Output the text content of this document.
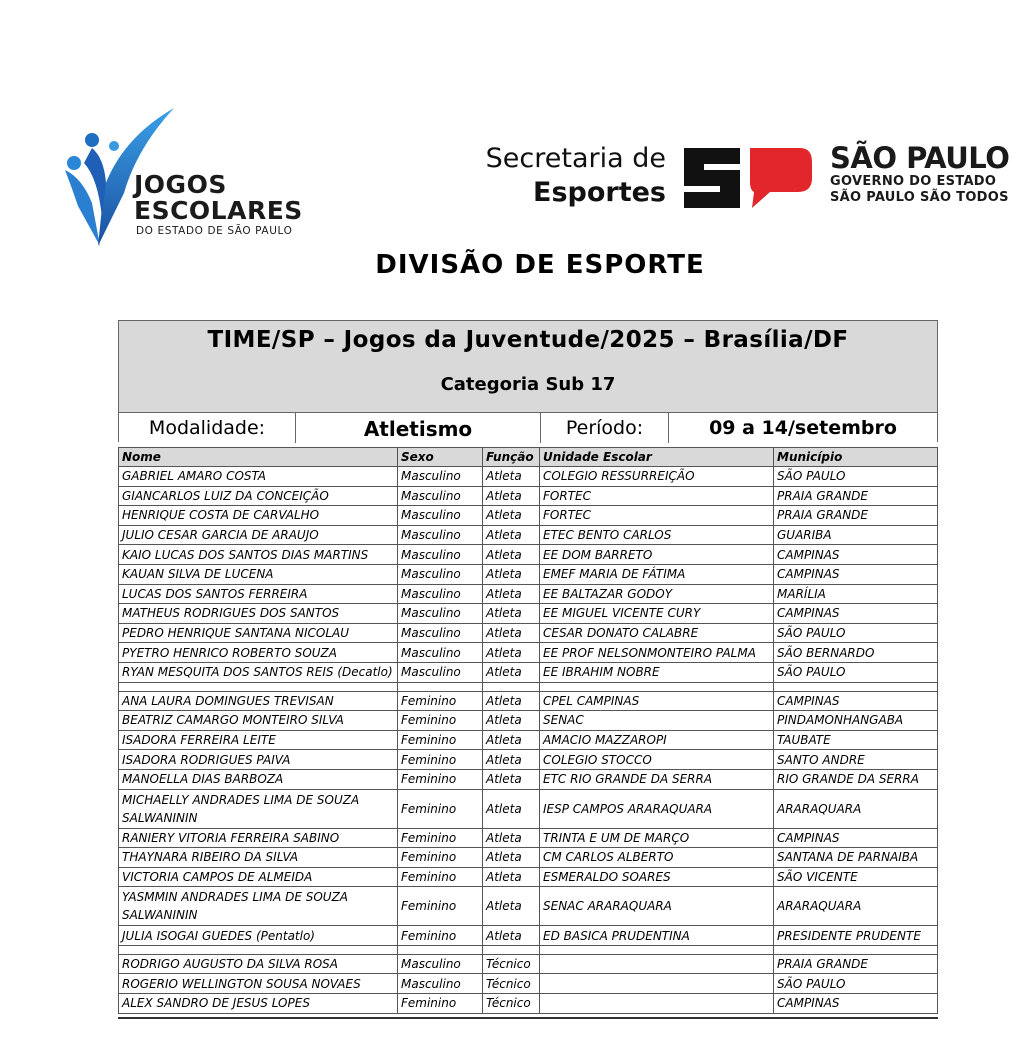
JOGOS
ESCOLARES
DO ESTADO DE SÃO PAULO
Secretaria de
Esportes
SÃO PAULO
GOVERNO DO ESTADO
SÃO PAULO SÃO TODOS
DIVISÃO DE ESPORTE
TIME/SP – Jogos da Juventude/2025 – Brasília/DF
Categoria Sub 17
Modalidade:	Atletismo	Período:	09 a 14/setembro
Nome	Sexo	Função	Unidade Escolar	Município
GABRIEL AMARO COSTA	Masculino	Atleta	COLEGIO RESSURREIÇÃO	SÃO PAULO
GIANCARLOS LUIZ DA CONCEIÇÃO	Masculino	Atleta	FORTEC	PRAIA GRANDE
HENRIQUE COSTA DE CARVALHO	Masculino	Atleta	FORTEC	PRAIA GRANDE
JULIO CESAR GARCIA DE ARAUJO	Masculino	Atleta	ETEC BENTO CARLOS	GUARIBA
KAIO LUCAS DOS SANTOS DIAS MARTINS	Masculino	Atleta	EE DOM BARRETO	CAMPINAS
KAUAN SILVA DE LUCENA	Masculino	Atleta	EMEF MARIA DE FÁTIMA	CAMPINAS
LUCAS DOS SANTOS FERREIRA	Masculino	Atleta	EE BALTAZAR GODOY	MARÍLIA
MATHEUS RODRIGUES DOS SANTOS	Masculino	Atleta	EE MIGUEL VICENTE CURY	CAMPINAS
PEDRO HENRIQUE SANTANA NICOLAU	Masculino	Atleta	CESAR DONATO CALABRE	SÃO PAULO
PYETRO HENRICO ROBERTO SOUZA	Masculino	Atleta	EE PROF NELSONMONTEIRO PALMA	SÃO BERNARDO
RYAN MESQUITA DOS SANTOS REIS (Decatlo)	Masculino	Atleta	EE IBRAHIM NOBRE	SÃO PAULO

ANA LAURA DOMINGUES TREVISAN	Feminino	Atleta	CPEL CAMPINAS	CAMPINAS
BEATRIZ CAMARGO MONTEIRO SILVA	Feminino	Atleta	SENAC	PINDAMONHANGABA
ISADORA FERREIRA LEITE	Feminino	Atleta	AMACIO MAZZAROPI	TAUBATE
ISADORA RODRIGUES PAIVA	Feminino	Atleta	COLEGIO STOCCO	SANTO ANDRE
MANOELLA DIAS BARBOZA	Feminino	Atleta	ETC RIO GRANDE DA SERRA	RIO GRANDE DA SERRA
MICHAELLY ANDRADES LIMA DE SOUZA SALWANININ	Feminino	Atleta	IESP CAMPOS ARARAQUARA	ARARAQUARA
RANIERY VITORIA FERREIRA SABINO	Feminino	Atleta	TRINTA E UM DE MARÇO	CAMPINAS
THAYNARA RIBEIRO DA SILVA	Feminino	Atleta	CM CARLOS ALBERTO	SANTANA DE PARNAIBA
VICTORIA CAMPOS DE ALMEIDA	Feminino	Atleta	ESMERALDO SOARES	SÃO VICENTE
YASMMIN ANDRADES LIMA DE SOUZA SALWANININ	Feminino	Atleta	SENAC ARARAQUARA	ARARAQUARA
JULIA ISOGAI GUEDES (Pentatlo)	Feminino	Atleta	ED BASICA PRUDENTINA	PRESIDENTE PRUDENTE

RODRIGO AUGUSTO DA SILVA ROSA	Masculino	Técnico		PRAIA GRANDE
ROGERIO WELLINGTON SOUSA NOVAES	Masculino	Técnico		SÃO PAULO
ALEX SANDRO DE JESUS LOPES	Feminino	Técnico		CAMPINAS
